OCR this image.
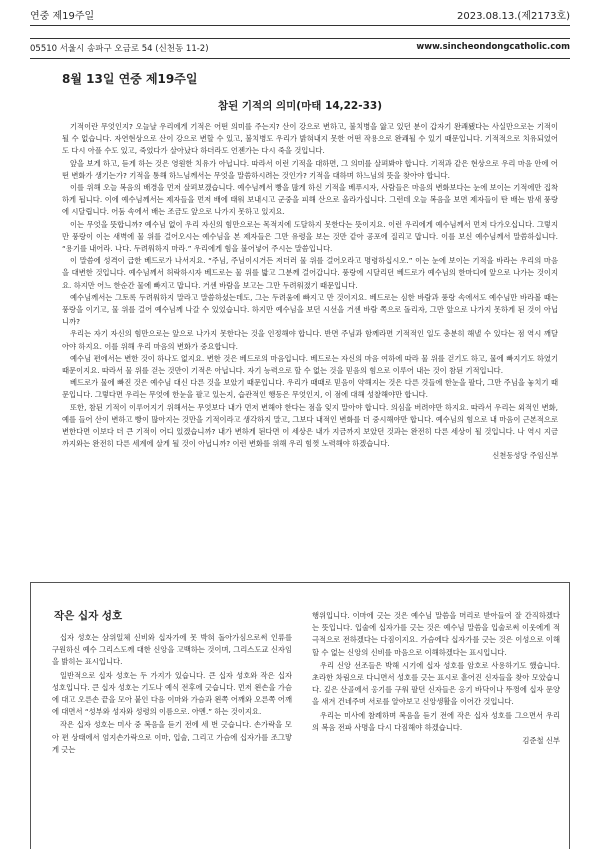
연중 제19주일	2023.08.13.(제2173호)
05510 서울시 송파구 오금로 54 (신천동 11-2)	www.sincheondongcatholic.com
8월 13일 연중 제19주일
참된 기적의 의미(마태 14,22-33)

기적이란 무엇인지? 오늘날 우리에게 기적은 어떤 의미를 주는지? 산이 강으로 변하고, 불치병을 앓고 있던 분이 갑자기 완쾌됐다는 사실만으로는 기적이 될 수 없습니다. 자연현상으로 산이 강으로 변할 수 있고, 불치병도 우리가 밝혀내지 못한 어떤 작용으로 완쾌될 수 있기 때문입니다. 기적적으로 치유되었어도 다시 아플 수도 있고, 죽었다가 살아났다 하더라도 언젠가는 다시 죽을 것입니다.

앞을 보게 하고, 듣게 하는 것은 영원한 치유가 아닙니다. 따라서 이런 기적을 대하면, 그 의미를 살펴봐야 합니다. 기적과 같은 현상으로 우리 마음 안에 어떤 변화가 생기는가? 기적을 통해 하느님께서는 무엇을 말씀하시려는 것인가? 기적을 대하며 하느님의 뜻을 찾아야 합니다.

이를 위해 오늘 복음의 배경을 먼저 살펴보겠습니다. 예수님께서 빵을 많게 하신 기적을 베푸시자, 사람들은 마음의 변화보다는 눈에 보이는 기적에만 집착하게 됩니다. 이에 예수님께서는 제자들을 먼저 배에 태워 보내시고 군중을 피해 산으로 올라가십니다. 그런데 오늘 복음을 보면 제자들이 탄 배는 밤새 풍랑에 시달립니다. 어둠 속에서 배는 조금도 앞으로 나가지 못하고 있지요.

이는 무엇을 뜻합니까? 예수님 없이 우리 자신의 힘만으로는 목적지에 도달하지 못한다는 뜻이지요. 이런 우리에게 예수님께서 먼저 다가오십니다. 그렇지만 풍랑이 이는 새벽에 물 위를 걸어오시는 예수님을 본 제자들은 그만 유령을 보는 것만 같아 공포에 질리고 맙니다. 이를 보신 예수님께서 말씀하십니다. “용기를 내어라. 나다. 두려워하지 마라.” 우리에게 힘을 불어넣어 주시는 말씀입니다.

이 말씀에 성격이 급한 베드로가 나서지요. “주님, 주님이시거든 저더러 물 위를 걸어오라고 명령하십시오.” 이는 눈에 보이는 기적을 바라는 우리의 마음을 대변한 것입니다. 예수님께서 허락하시자 베드로는 물 위를 밟고 그분께 걸어갑니다. 풍랑에 시달리던 베드로가 예수님의 한마디에 앞으로 나가는 것이지요. 하지만 어느 한순간 물에 빠지고 맙니다. 거센 바람을 보고는 그만 두려워졌기 때문입니다.

예수님께서는 그토록 두려워하지 말라고 말씀하셨는데도, 그는 두려움에 빠지고 만 것이지요. 베드로는 심한 바람과 풍랑 속에서도 예수님만 바라볼 때는 풍랑을 이기고, 물 위를 걸어 예수님께 나갈 수 있었습니다. 하지만 예수님을 보던 시선을 거센 바람 쪽으로 돌리자, 그만 앞으로 나가지 못하게 된 것이 아닙니까?

우리는 자기 자신의 힘만으로는 앞으로 나가지 못한다는 것을 인정해야 합니다. 반면 주님과 함께라면 기적적인 일도 충분히 해낼 수 있다는 점 역시 깨달아야 하지요. 이를 위해 우리 마음의 변화가 중요합니다.

예수님 편에서는 변한 것이 하나도 없지요. 변한 것은 베드로의 마음입니다. 베드로는 자신의 마음 여하에 따라 물 위를 걷기도 하고, 물에 빠지기도 하였기 때문이지요. 따라서 물 위를 걷는 것만이 기적은 아닙니다. 자기 능력으로 할 수 없는 것을 믿음의 힘으로 이루어 내는 것이 참된 기적입니다.

베드로가 물에 빠진 것은 예수님 대신 다른 것을 보았기 때문입니다. 우리가 때때로 믿음이 약해지는 것은 다른 것들에 한눈을 팔다, 그만 주님을 놓치기 때문입니다. 그렇다면 우리는 무엇에 한눈을 팔고 있는지, 습관적인 행동은 무엇인지, 이 점에 대해 성찰해야만 합니다.

또한, 참된 기적이 이루어지기 위해서는 무엇보다 내가 먼저 변해야 한다는 점을 잊지 말아야 합니다. 의심을 버려야만 하지요. 따라서 우리는 외적인 변화, 예를 들어 산이 변하고 빵이 많아지는 것만을 기적이라고 생각하지 말고, 그보다 내적인 변화를 더 중시해야만 합니다. 예수님의 힘으로 내 마음이 근본적으로 변한다면 이보다 더 큰 기적이 어디 있겠습니까? 내가 변하게 된다면 이 세상은 내가 지금까지 보았던 것과는 완전히 다른 세상이 될 것입니다. 나 역시 지금까지와는 완전히 다른 세계에 살게 될 것이 아닙니까? 이런 변화를 위해 우리 힘껏 노력해야 하겠습니다.

신천동성당 주임신부
작은 십자 성호

십자 성호는 삼위일체 신비와 십자가에 못 박혀 돌아가심으로써 인류를 구원하신 예수 그리스도께 대한 신앙을 고백하는 것이며, 그리스도교 신자임을 밝히는 표시입니다.

일반적으로 십자 성호는 두 가지가 있습니다. 큰 십자 성호와 작은 십자 성호입니다. 큰 십자 성호는 기도나 예식 전후에 긋습니다. 먼저 왼손을 가슴에 대고 오른손 끝을 모아 붙인 다음 이마와 가슴과 왼쪽 어깨와 오른쪽 어깨에 대면서 “성부와 성자와 성령의 이름으로. 아멘.” 하는 것이지요.

작은 십자 성호는 미사 중 복음을 듣기 전에 세 번 긋습니다. 손가락을 모아 편 상태에서 엄지손가락으로 이마, 입술, 그리고 가슴에 십자가를 조그맣게 긋는

행위입니다. 이마에 긋는 것은 예수님 말씀을 머리로 받아들여 잘 간직하겠다는 뜻입니다. 입술에 십자가를 긋는 것은 예수님 말씀을 입술로써 이웃에게 적극적으로 전하겠다는 다짐이지요. 가슴에다 십자가를 긋는 것은 이성으로 이해할 수 없는 신앙의 신비를 마음으로 이해하겠다는 표시입니다.

우리 신앙 선조들은 박해 시기에 십자 성호를 암호로 사용하기도 했습니다. 초라한 차림으로 다니면서 성호를 긋는 표시로 흩어진 신자들을 찾아 모았습니다. 깊은 산골에서 옹기를 구워 팔던 신자들은 옹기 바닥이나 뚜껑에 십자 문양을 새겨 건네주며 서로를 알아보고 신앙생활을 이어간 것입니다.

우리는 미사에 참례하며 복음을 듣기 전에 작은 십자 성호를 그으면서 우리의 복음 전파 사명을 다시 다짐해야 하겠습니다.

김준철 신부
